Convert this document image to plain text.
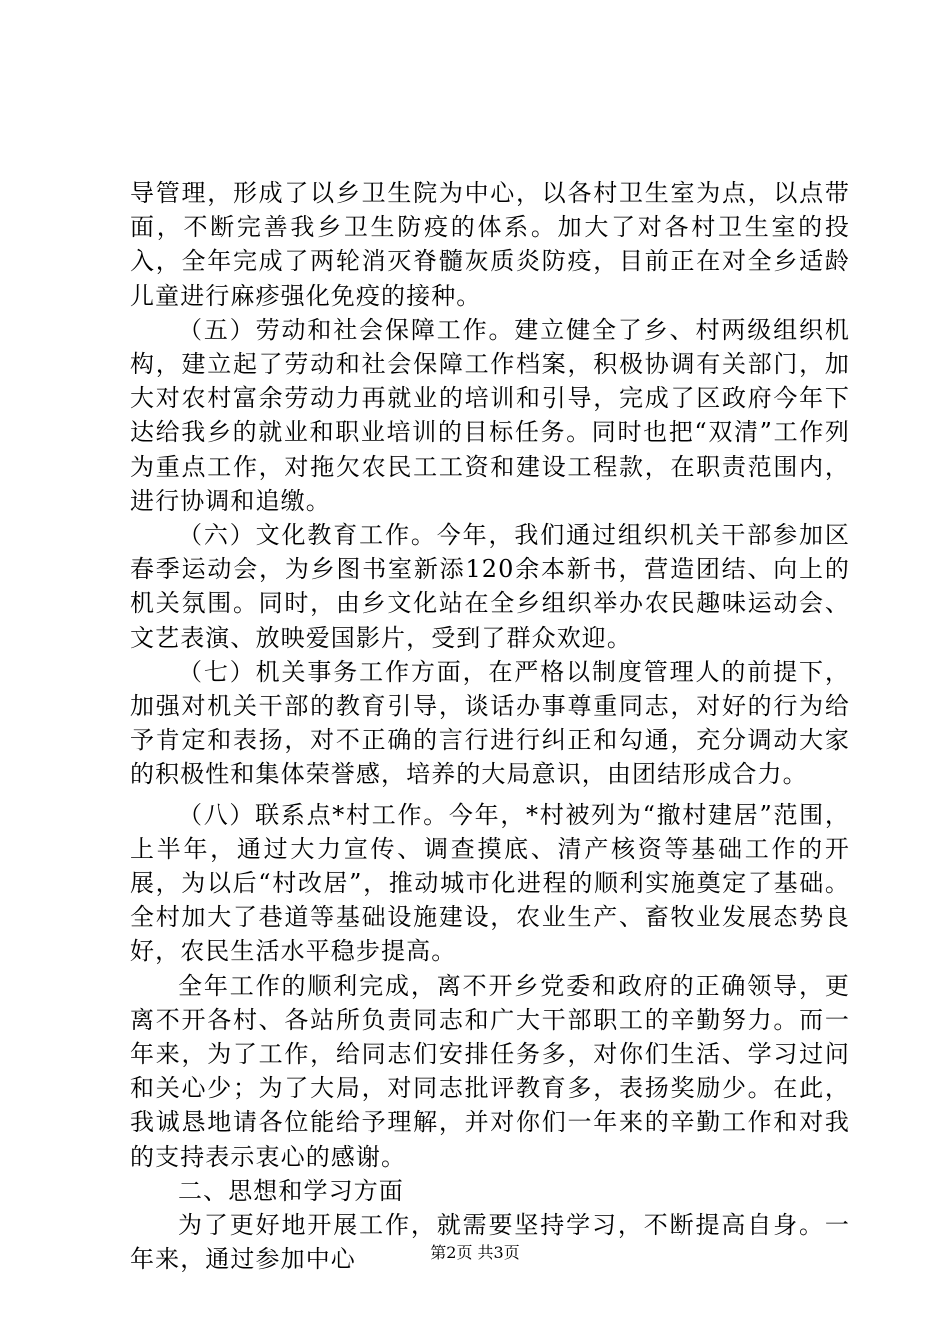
导管理，形成了以乡卫生院为中心，以各村卫生室为点，以点带面，不断完善我乡卫生防疫的体系。加大了对各村卫生室的投入，全年完成了两轮消灭脊髓灰质炎防疫，目前正在对全乡适龄儿童进行麻疹强化免疫的接种。

（五）劳动和社会保障工作。建立健全了乡、村两级组织机构，建立起了劳动和社会保障工作档案，积极协调有关部门，加大对农村富余劳动力再就业的培训和引导，完成了区政府今年下达给我乡的就业和职业培训的目标任务。同时也把“双清”工作列为重点工作，对拖欠农民工工资和建设工程款，在职责范围内，进行协调和追缴。

（六）文化教育工作。今年，我们通过组织机关干部参加区春季运动会，为乡图书室新添120余本新书，营造团结、向上的机关氛围。同时，由乡文化站在全乡组织举办农民趣味运动会、文艺表演、放映爱国影片，受到了群众欢迎。

（七）机关事务工作方面，在严格以制度管理人的前提下，加强对机关干部的教育引导，谈话办事尊重同志，对好的行为给予肯定和表扬，对不正确的言行进行纠正和勾通，充分调动大家的积极性和集体荣誉感，培养的大局意识，由团结形成合力。

（八）联系点*村工作。今年，*村被列为“撤村建居”范围，上半年，通过大力宣传、调查摸底、清产核资等基础工作的开展，为以后“村改居”，推动城市化进程的顺利实施奠定了基础。全村加大了巷道等基础设施建设，农业生产、畜牧业发展态势良好，农民生活水平稳步提高。

全年工作的顺利完成，离不开乡党委和政府的正确领导，更离不开各村、各站所负责同志和广大干部职工的辛勤努力。而一年来，为了工作，给同志们安排任务多，对你们生活、学习过问和关心少；为了大局，对同志批评教育多，表扬奖励少。在此，我诚恳地请各位能给予理解，并对你们一年来的辛勤工作和对我的支持表示衷心的感谢。

二、思想和学习方面

为了更好地开展工作，就需要坚持学习，不断提高自身。一年来，通过参加中心	第2页 共3页
